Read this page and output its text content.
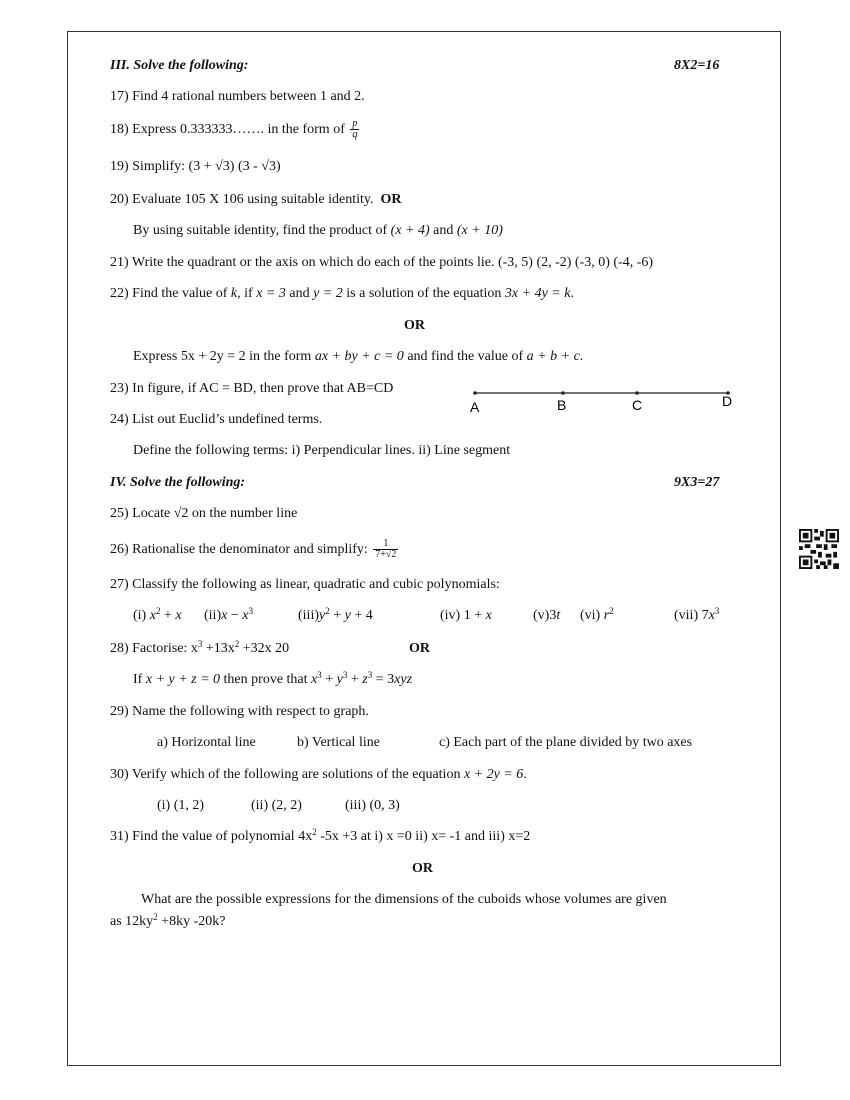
III. Solve the following:	8X2=16
17) Find 4 rational numbers between 1 and 2.
18) Express 0.333333……. in the form of $\frac{p}{q}$
19) Simplify: (3 + √3) (3 - √3)
20) Evaluate 105 X 106 using suitable identity. OR
By using suitable identity, find the product of (x + 4) and (x + 10)
21) Write the quadrant or the axis on which do each of the points lie. (-3, 5) (2, -2) (-3, 0) (-4, -6)
22) Find the value of k, if x = 3 and y = 2 is a solution of the equation 3x + 4y = k.
OR
Express 5x + 2y = 2 in the form ax + by + c = 0 and find the value of a + b + c.
23) In figure, if AC = BD, then prove that AB=CD
A	B	C	D
24) List out Euclid’s undefined terms.
Define the following terms: i) Perpendicular lines. ii) Line segment
IV. Solve the following:	9X3=27
25) Locate √2 on the number line
26) Rationalise the denominator and simplify: $\frac{1}{7+√2}$
27) Classify the following as linear, quadratic and cubic polynomials:
(i) $x^2 + x$ $(ii)x - x^3$	$(iii)y^2 + y + 4$	(iv) 1 + x	(v)3t (vi) $r^2$	(vii) $7x^3$
28) Factorise: $x^3 +13x^2 +32x$ 20	OR
If x + y + z = 0 then prove that $x^3 + y^3 + z^3 = 3xyz$
29) Name the following with respect to graph.
a) Horizontal line	b) Vertical line	c) Each part of the plane divided by two axes
30) Verify which of the following are solutions of the equation x + 2y = 6.
(i) (1, 2)	(ii) (2, 2)	(iii) (0, 3)
31) Find the value of polynomial $4x^2$ -5x +3 at i) x =0 ii) x= -1 and iii) x=2
OR
What are the possible expressions for the dimensions of the cuboids whose volumes are given
as $12ky^2 +8ky$ -20k?
